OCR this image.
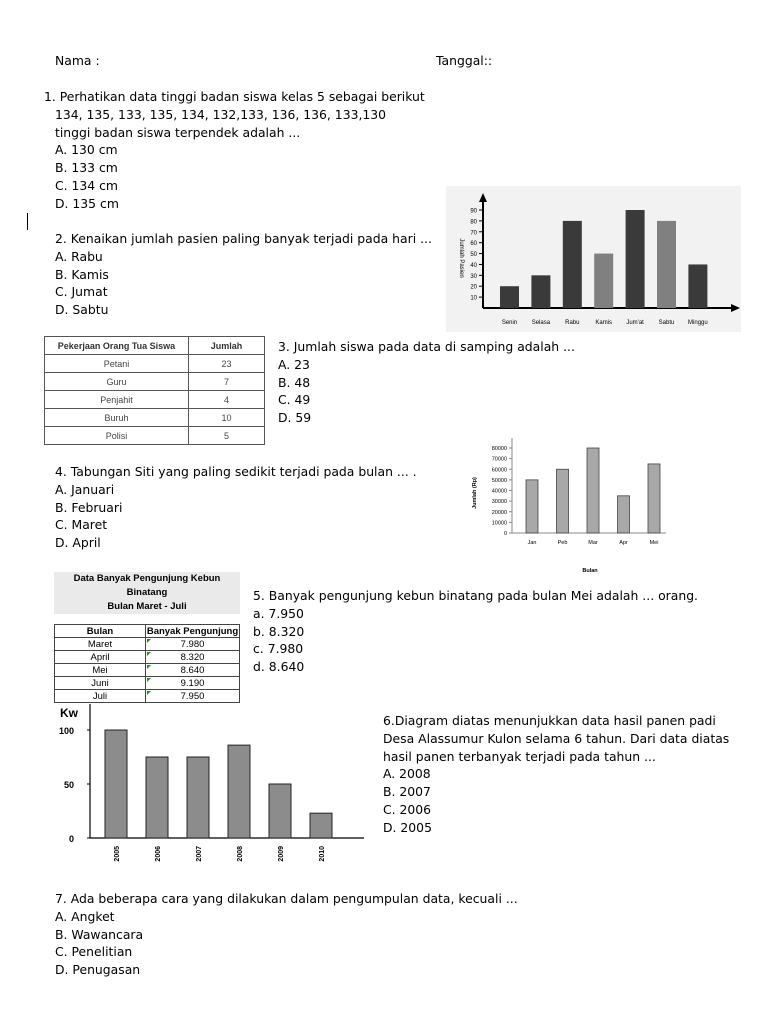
Nama :	Tanggal::
1. Perhatikan data tinggi badan siswa kelas 5 sebagai berikut
134, 135, 133, 135, 134, 132,133, 136, 136, 133,130
tinggi badan siswa terpendek adalah ...
A. 130 cm
B. 133 cm
C. 134 cm
D. 135 cm
2. Kenaikan jumlah pasien paling banyak terjadi pada hari ...
A. Rabu
B. Kamis
C. Jumat
D. Sabtu
10
20
30
40
50
60
70
80
90
Jumlah Pasien
Senin Selasa	Rabu	Kamis Jum'at Sabtu Minggu
Pekerjaan Orang Tua Siswa	Jumlah
Petani	23
Guru	7
Penjahit	4
Buruh	10
Polisi	5
3. Jumlah siswa pada data di samping adalah ...
A. 23
B. 48
C. 49
D. 59
0
10000
20000
30000
40000
50000
60000
70000
80000
Jumlah (Rp)
Jan	Peb	Mar	Apr	Mei
Bulan
4. Tabungan Siti yang paling sedikit terjadi pada bulan ... .
A. Januari
B. Februari
C. Maret
D. April
Data Banyak Pengunjung Kebun Binatang
Bulan Maret - Juli
Bulan	Banyak Pengunjung
Maret	7.980
April	8.320
Mei	8.640
Juni	9.190
Juli	7.950
5. Banyak pengunjung kebun binatang pada bulan Mei adalah ... orang.
a. 7.950
b. 8.320
c. 7.980
d. 8.640
Kw
0
50
100
2005	2006	2007	2008	2009	2010
6.Diagram diatas menunjukkan data hasil panen padi
Desa Alassumur Kulon selama 6 tahun. Dari data diatas
hasil panen terbanyak terjadi pada tahun ...
A. 2008
B. 2007
C. 2006
D. 2005
7. Ada beberapa cara yang dilakukan dalam pengumpulan data, kecuali ...
A. Angket
B. Wawancara
C. Penelitian
D. Penugasan
